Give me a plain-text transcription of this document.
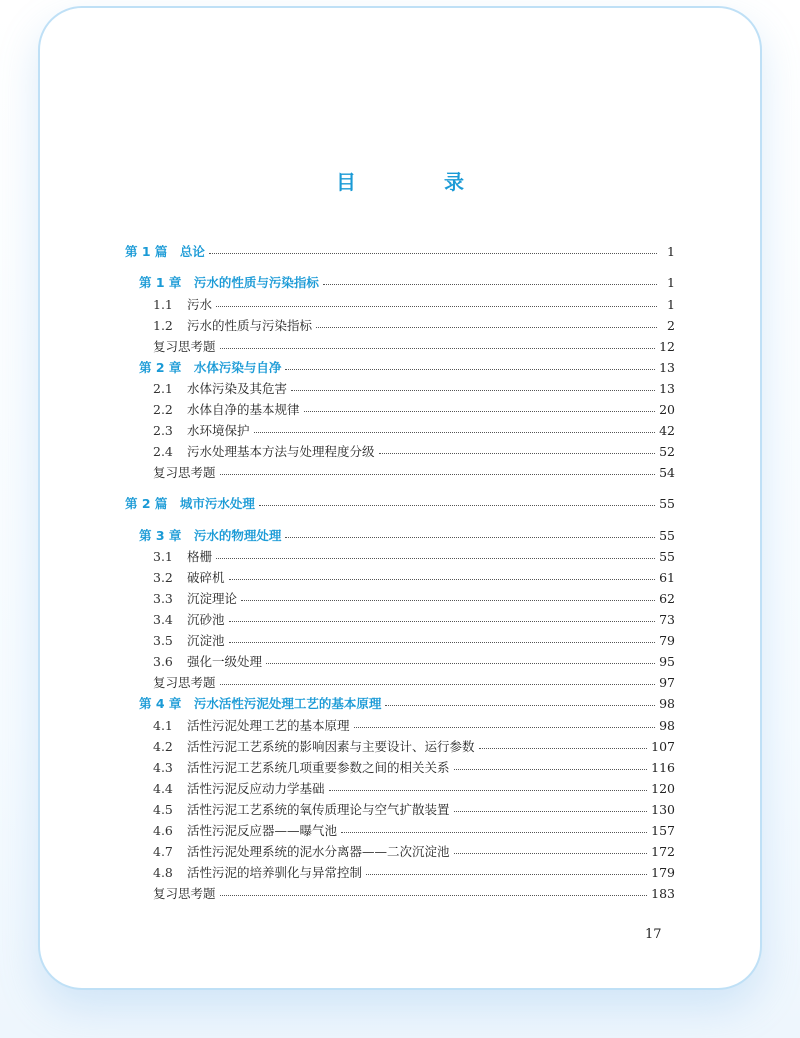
目　录
第 1 篇　总论	1
第 1 章　污水的性质与污染指标	1
1.1	污水	1
1.2	污水的性质与污染指标	2
复习思考题	12
第 2 章　水体污染与自净	13
2.1	水体污染及其危害	13
2.2	水体自净的基本规律	20
2.3	水环境保护	42
2.4	污水处理基本方法与处理程度分级	52
复习思考题	54
第 2 篇　城市污水处理	55
第 3 章　污水的物理处理	55
3.1	格栅	55
3.2	破碎机	61
3.3	沉淀理论	62
3.4	沉砂池	73
3.5	沉淀池	79
3.6	强化一级处理	95
复习思考题	97
第 4 章　污水活性污泥处理工艺的基本原理	98
4.1	活性污泥处理工艺的基本原理	98
4.2	活性污泥工艺系统的影响因素与主要设计、运行参数	107
4.3	活性污泥工艺系统几项重要参数之间的相关关系	116
4.4	活性污泥反应动力学基础	120
4.5	活性污泥工艺系统的氧传质理论与空气扩散装置	130
4.6	活性污泥反应器——曝气池	157
4.7	活性污泥处理系统的泥水分离器——二次沉淀池	172
4.8	活性污泥的培养驯化与异常控制	179
复习思考题	183
17
